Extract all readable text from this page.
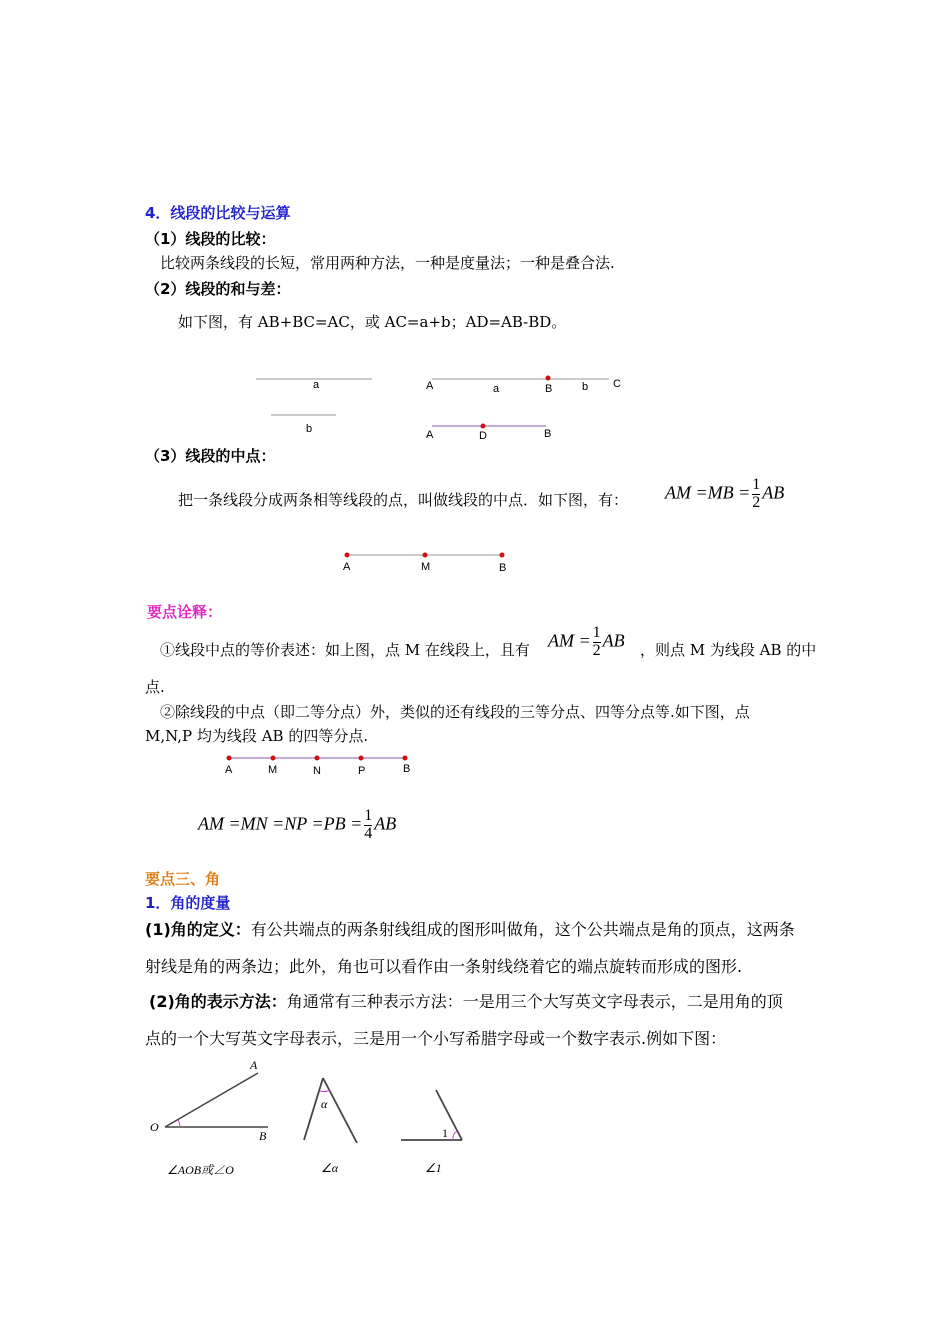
4．线段的比较与运算
（1）线段的比较：
比较两条线段的长短，常用两种方法，一种是度量法；一种是叠合法.
（2）线段的和与差：
如下图，有 AB+BC=AC，或 AC=a+b；AD=AB-BD。
a
b
A	a	B	b C
A	D	B
（3）线段的中点：
把一条线段分成两条相等线段的点，叫做线段的中点．如下图，有： AM $=MB = \frac{1}{2}$ AB
A	M	B
要点诠释：
①线段中点的等价表述：如上图，点 M 在线段上，且有 AM = $\frac{1}{2}$ AB ，则点 M 为线段 AB 的中
点.
②除线段的中点（即二等分点）外，类似的还有线段的三等分点、四等分点等.如下图，点
M,N,P 均为线段 AB 的四等分点.
A	M	N	P	B
AM $=MN =NP =PB = \frac{1}{4}$ AB
要点三、角
1．角的度量
(1)角的定义：有公共端点的两条射线组成的图形叫做角，这个公共端点是角的顶点，这两条
射线是角的两条边；此外，角也可以看作由一条射线绕着它的端点旋转而形成的图形.
(2)角的表示方法：角通常有三种表示方法：一是用三个大写英文字母表示，二是用角的顶
点的一个大写英文字母表示，三是用一个小写希腊字母或一个数字表示.例如下图：
A
O
B
∠AOB或∠O
α
∠α
1
∠1
